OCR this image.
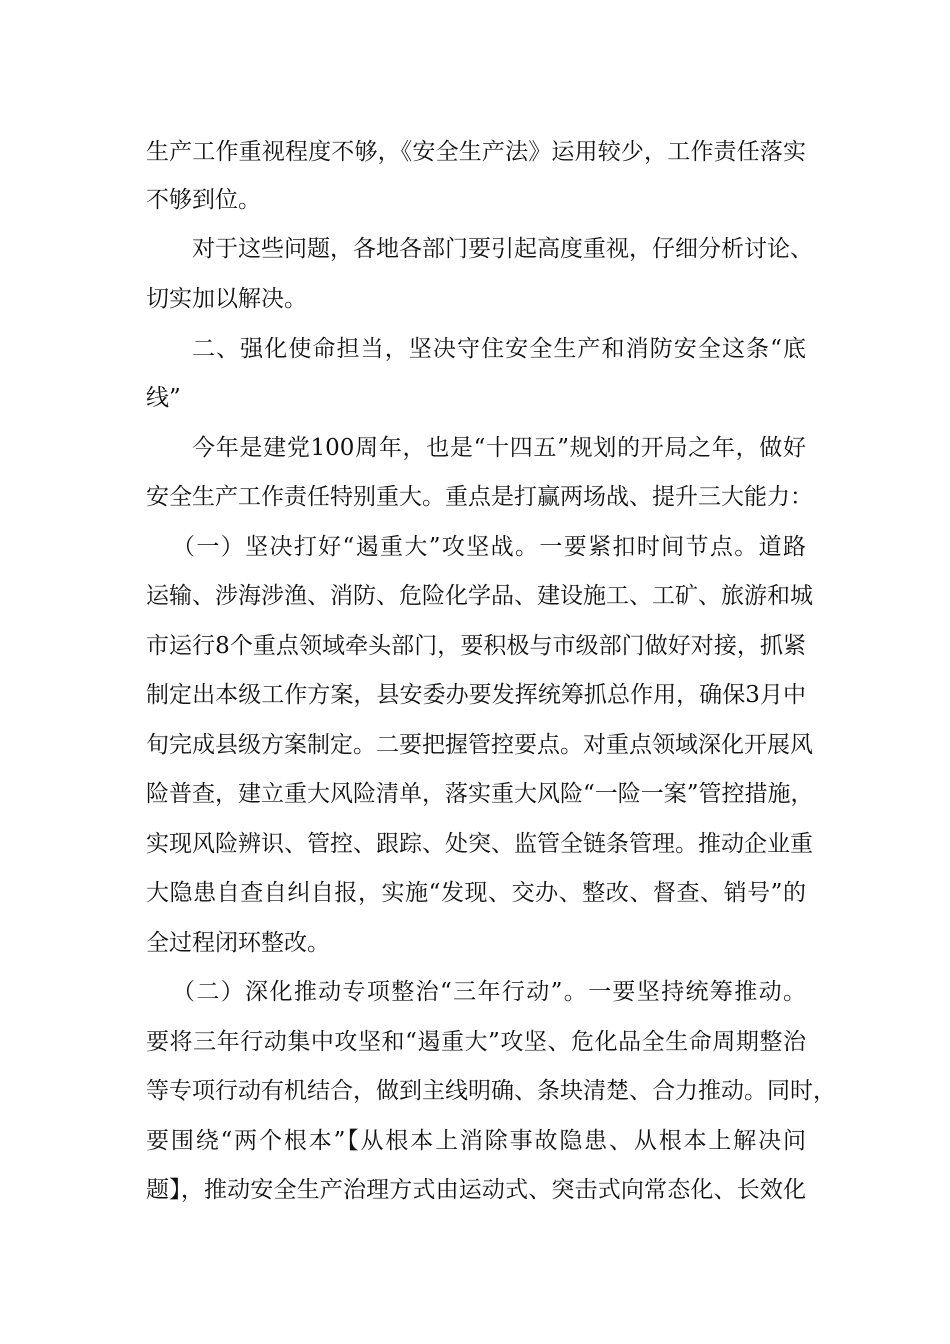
生产工作重视程度不够，《安全生产法》运用较少，工作责任落实
不够到位。
对于这些问题，各地各部门要引起高度重视，仔细分析讨论、
切实加以解决。
二、强化使命担当，坚决守住安全生产和消防安全这条“底
线”
今年是建党100周年，也是“十四五”规划的开局之年，做好
安全生产工作责任特别重大。重点是打赢两场战、提升三大能力：
（一）坚决打好“遏重大”攻坚战。一要紧扣时间节点。道路
运输、涉海涉渔、消防、危险化学品、建设施工、工矿、旅游和城
市运行8个重点领域牵头部门，要积极与市级部门做好对接，抓紧
制定出本级工作方案，县安委办要发挥统筹抓总作用，确保3月中
旬完成县级方案制定。二要把握管控要点。对重点领域深化开展风
险普查，建立重大风险清单，落实重大风险“一险一案”管控措施，
实现风险辨识、管控、跟踪、处突、监管全链条管理。推动企业重
大隐患自查自纠自报，实施“发现、交办、整改、督查、销号”的
全过程闭环整改。
（二）深化推动专项整治“三年行动”。一要坚持统筹推动。
要将三年行动集中攻坚和“遏重大”攻坚、危化品全生命周期整治
等专项行动有机结合，做到主线明确、条块清楚、合力推动。同时，
要围绕“两个根本”【从根本上消除事故隐患、从根本上解决问
题】，推动安全生产治理方式由运动式、突击式向常态化、长效化
